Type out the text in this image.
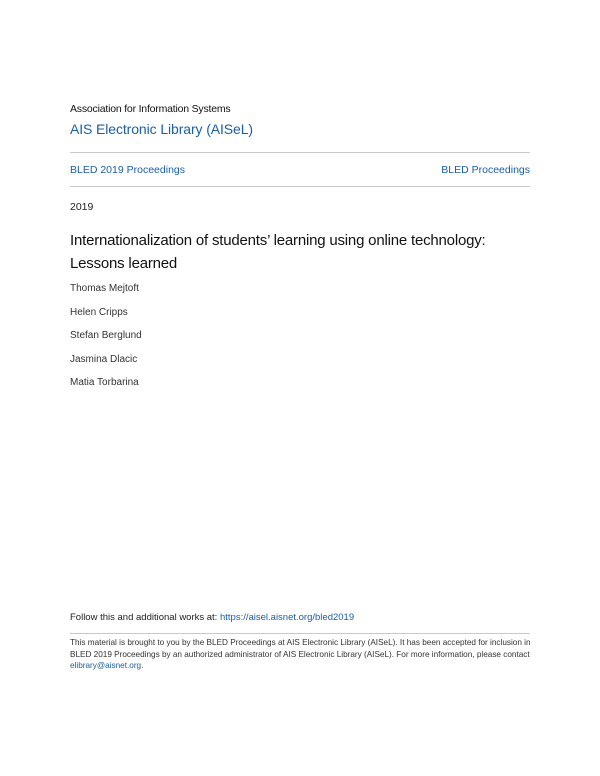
Association for Information Systems
AIS Electronic Library (AISeL)
BLED 2019 Proceedings	BLED Proceedings
2019
Internationalization of students’ learning using online technology: Lessons learned
Thomas Mejtoft
Helen Cripps
Stefan Berglund
Jasmina Dlacic
Matia Torbarina
Follow this and additional works at: https://aisel.aisnet.org/bled2019
This material is brought to you by the BLED Proceedings at AIS Electronic Library (AISeL). It has been accepted for inclusion in BLED 2019 Proceedings by an authorized administrator of AIS Electronic Library (AISeL). For more information, please contact elibrary@aisnet.org.
